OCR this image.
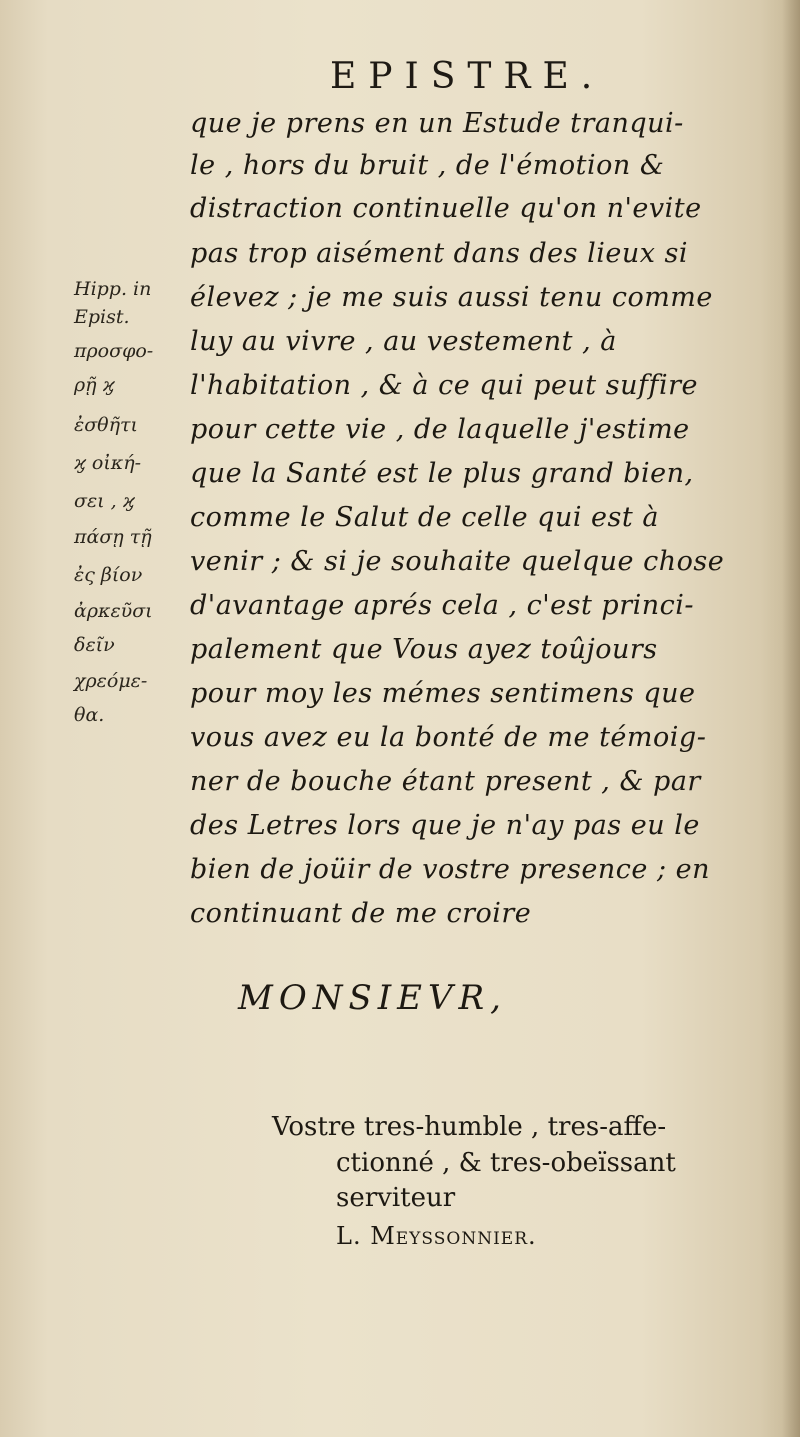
EPISTRE.
que je prens en un Estude tranqui-
le , hors du bruit , de l'émotion &
distraction continuelle qu'on n'evite
pas trop aisément dans des lieux si
élevez ; je me suis aussi tenu comme
luy au vivre , au vestement , à
l'habitation , & à ce qui peut suffire
pour cette vie , de laquelle j'estime
que la Santé est le plus grand bien,
comme le Salut de celle qui est à
venir ; & si je souhaite quelque chose
d'avantage aprés cela , c'est princi-
palement que Vous ayez toûjours
pour moy les mémes sentimens que
vous avez eu la bonté de me témoig-
ner de bouche étant present , & par
des Letres lors que je n'ay pas eu le
bien de joüir de vostre presence ; en
continuant de me croire
Hipp. in
Epist.
προσφο-
ρῇ ϗ
ἐσθῆτι
ϗ οἰκή-
σει , ϗ
πάσῃ τῇ
ἐς βίον
ἀρκεῦσι
δεῖν
χρεόμε-
θα.
MONSIEVR,
Vostre tres-humble , tres-affe-
ctionné , & tres-obeïssant
serviteur
L. Meyssonnier.
